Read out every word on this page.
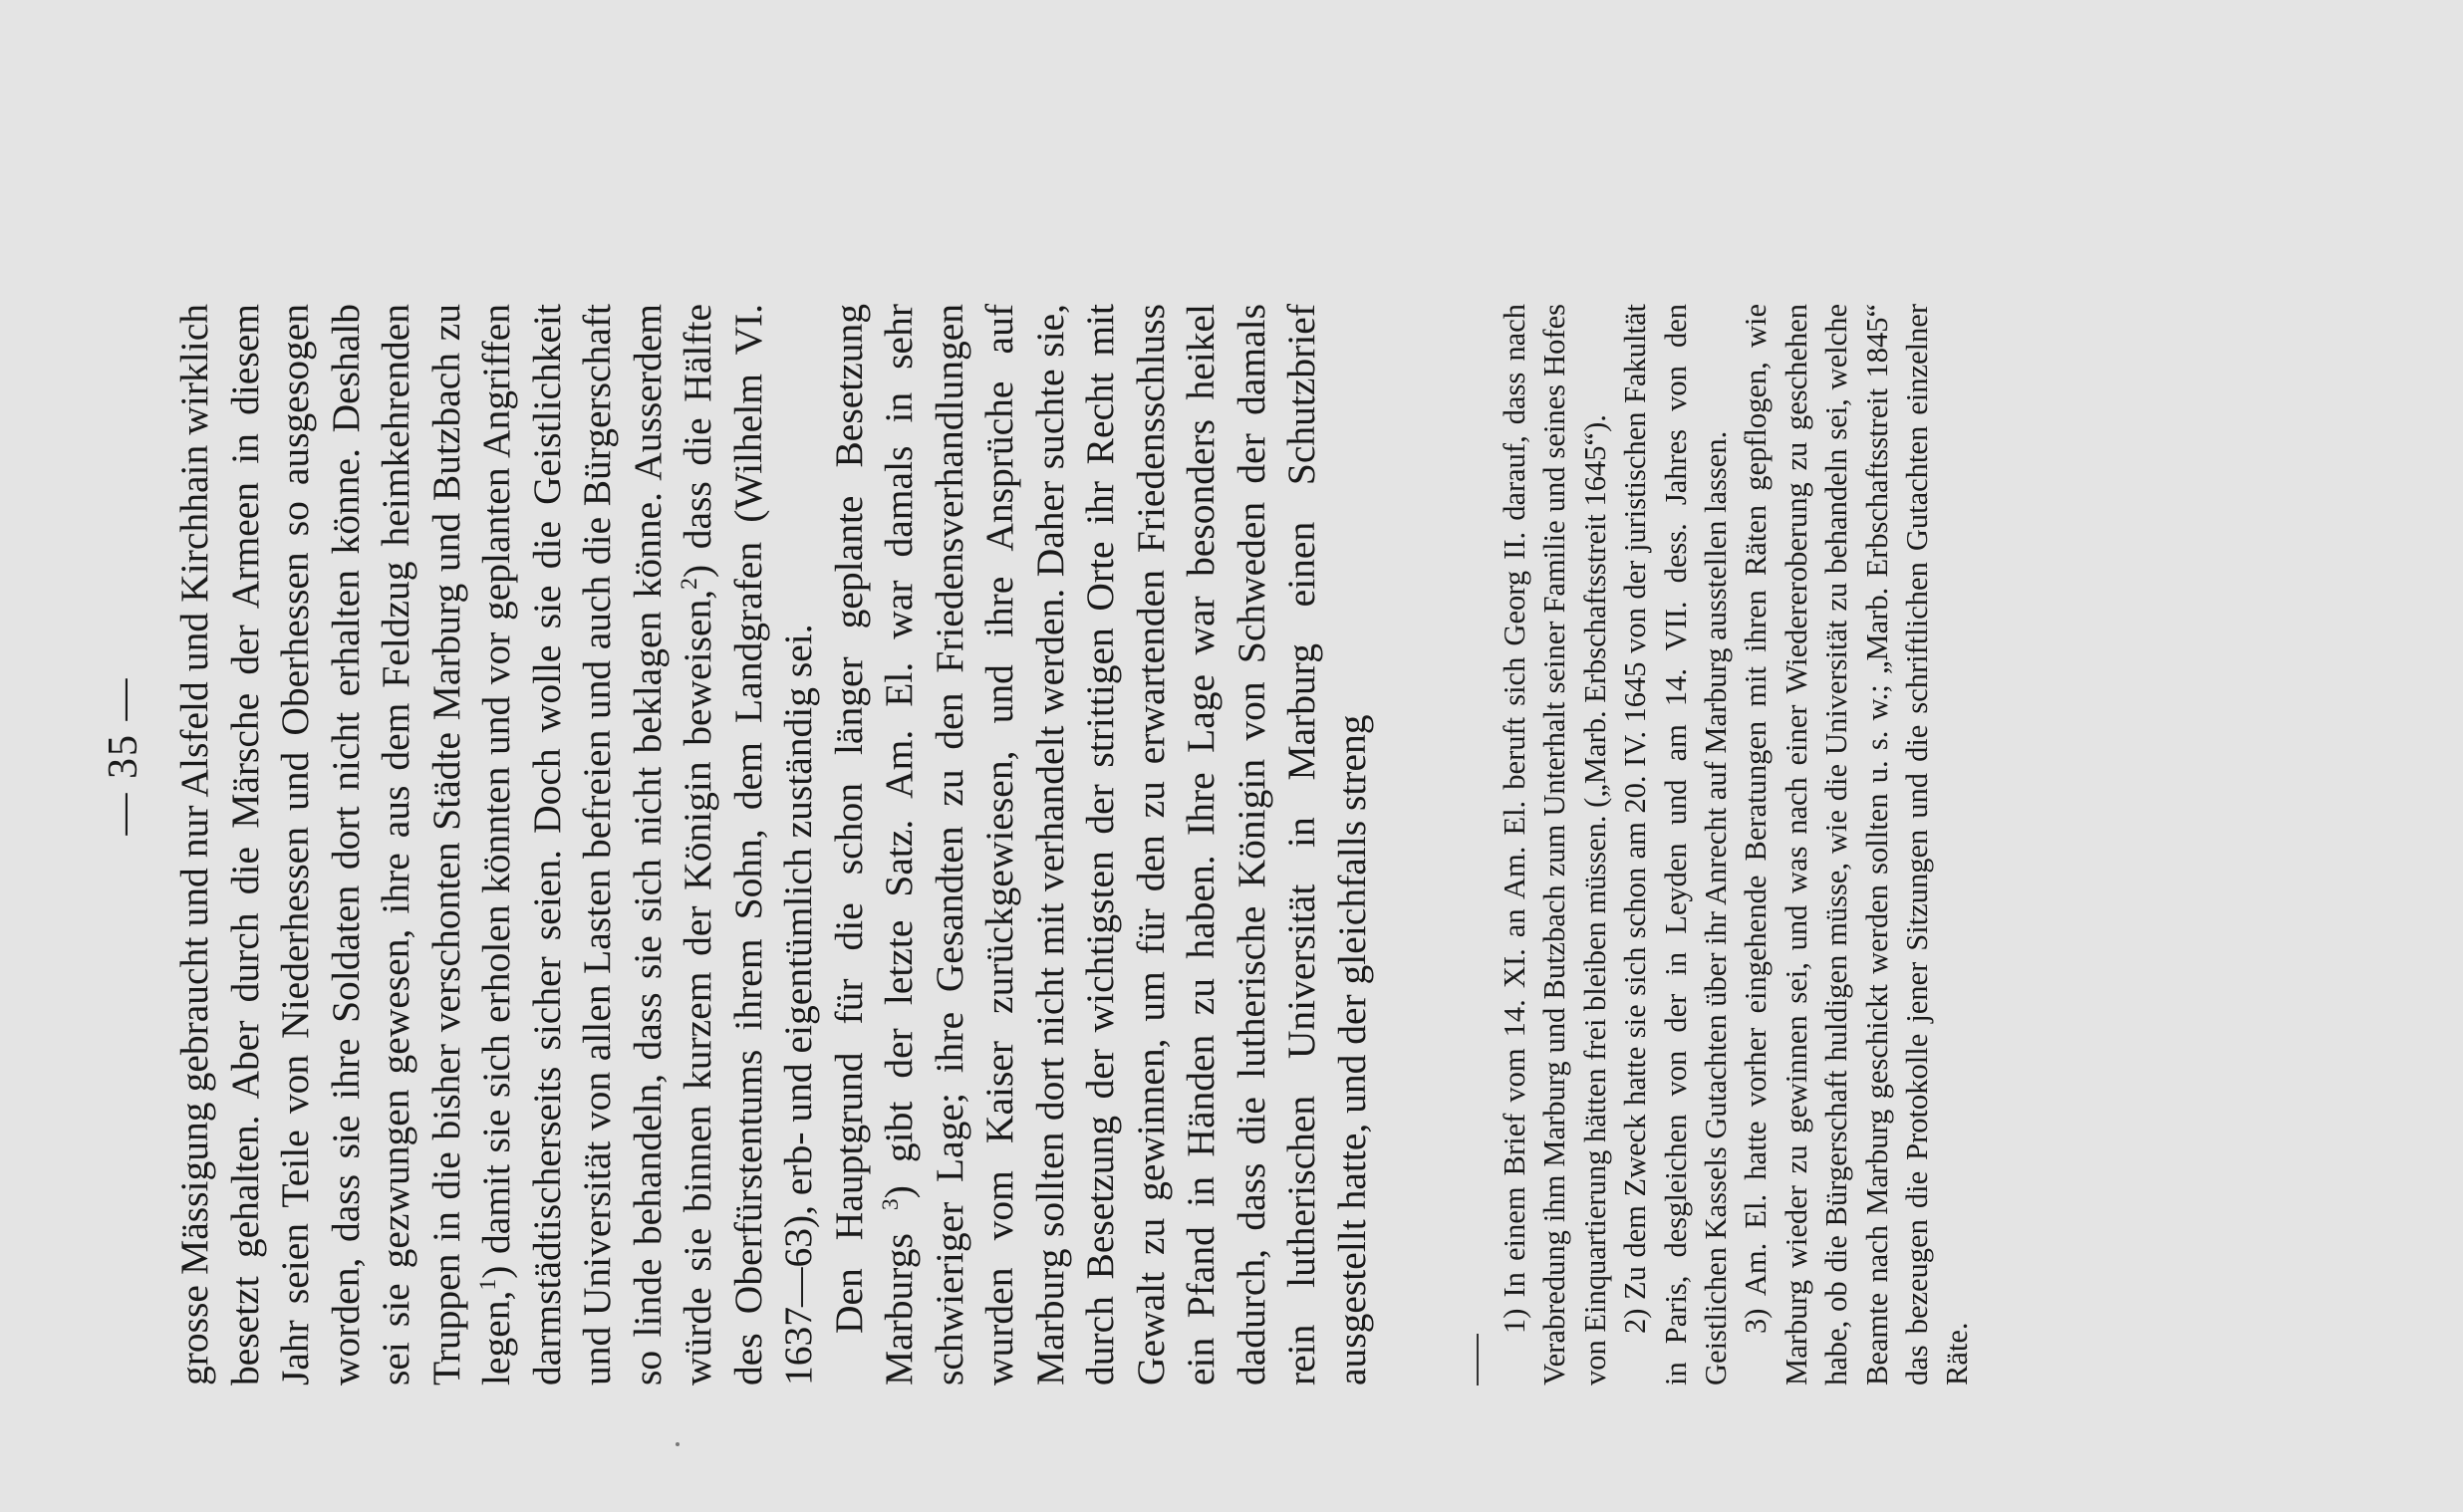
— 35 — grosse Mässigung gebraucht und nur Alsfeld und Kirchhain wirklich besetzt gehalten. Aber durch die Märsche der Armeen in diesem Jahr seien Teile von Niederhessen und Oberhessen so ausgesogen worden, dass sie ihre Soldaten dort nicht erhalten könne. Deshalb sei sie gezwungen gewesen, ihre aus dem Feldzug heimkehrenden Truppen in die bisher verschonten Städte Marburg und Butzbach zu legen,$^1$) damit sie sich erholen könnten und vor geplanten Angriffen darmstädtischerseits sicher seien. Doch wolle sie die Geistlichkeit und Universität von allen Lasten befreien und auch die Bürgerschaft so linde behandeln, dass sie sich nicht beklagen könne. Ausserdem würde sie binnen kurzem der Königin beweisen,$^2$) dass die Hälfte des Oberfürstentums ihrem Sohn, dem Landgrafen (Wilhelm VI. 1637—63), erb- und eigentümlich zuständig sei. Den Hauptgrund für die schon länger geplante Besetzung Marburgs $^3$) gibt der letzte Satz. Am. El. war damals in sehr schwieriger Lage; ihre Gesandten zu den Friedensverhandlungen wurden vom Kaiser zurückgewiesen, und ihre Ansprüche auf Marburg sollten dort nicht mit verhandelt werden. Daher suchte sie, durch Besetzung der wichtigsten der strittigen Orte ihr Recht mit Gewalt zu gewinnen, um für den zu erwartenden Friedensschluss ein Pfand in Händen zu haben. Ihre Lage war besonders heikel dadurch, dass die lutherische Königin von Schweden der damals rein lutherischen Universität in Marburg einen Schutzbrief ausgestellt hatte, und der gleichfalls streng	1) In einem Brief vom 14. XI. an Am. El. beruft sich Georg II. darauf, dass nach Verabredung ihm Marburg und Butzbach zum Unterhalt seiner Familie und seines Hofes von Einquartierung hätten frei bleiben müssen. („Marb. Erbschaftsstreit 1645“). 2) Zu dem Zweck hatte sie sich schon am 20. IV. 1645 von der juristischen Fakultät in Paris, desgleichen von der in Leyden und am 14. VII. dess. Jahres von den Geistlichen Kassels Gutachten über ihr Anrecht auf Marburg ausstellen lassen. 3) Am. El. hatte vorher eingehende Beratungen mit ihren Räten gepflogen, wie Marburg wieder zu gewinnen sei, und was nach einer Wiedereroberung zu geschehen habe, ob die Bürgerschaft huldigen müsse, wie die Universität zu behandeln sei, welche Beamte nach Marburg geschickt werden sollten u. s. w.; „Marb. Erbschaftsstreit 1845“ das bezeugen die Protokolle jener Sitzungen und die schriftlichen Gutachten einzelner Räte.
